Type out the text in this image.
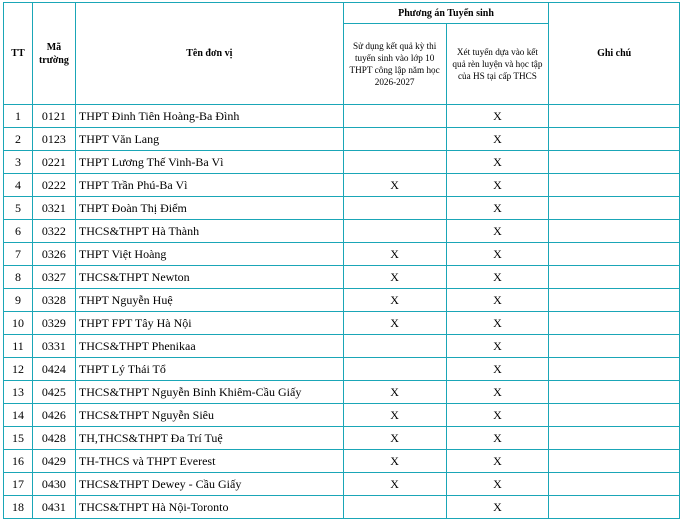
TT	Mã trường	Tên đơn vị	Phương án Tuyển sinh		Ghi chú
			Sử dụng kết quả kỳ thi tuyển sinh vào lớp 10 THPT công lập năm học 2026-2027	Xét tuyển dựa vào kết quả rèn luyện và học tập của HS tại cấp THCS	
1	0121	THPT Đinh Tiên Hoàng-Ba Đình		X	
2	0123	THPT Văn Lang		X	
3	0221	THPT Lương Thế Vinh-Ba Vì		X	
4	0222	THPT Trần Phú-Ba Vì	X	X	
5	0321	THPT Đoàn Thị Điểm		X	
6	0322	THCS&THPT Hà Thành		X	
7	0326	THPT Việt Hoàng	X	X	
8	0327	THCS&THPT Newton	X	X	
9	0328	THPT Nguyễn Huệ	X	X	
10	0329	THPT FPT Tây Hà Nội	X	X	
11	0331	THCS&THPT Phenikaa		X	
12	0424	THPT Lý Thái Tổ		X	
13	0425	THCS&THPT Nguyễn Bỉnh Khiêm-Cầu Giấy	X	X	
14	0426	THCS&THPT Nguyễn Siêu	X	X	
15	0428	TH,THCS&THPT Đa Trí Tuệ	X	X	
16	0429	TH-THCS và THPT Everest	X	X	
17	0430	THCS&THPT Dewey - Cầu Giấy	X	X	
18	0431	THCS&THPT Hà Nội-Toronto		X	
